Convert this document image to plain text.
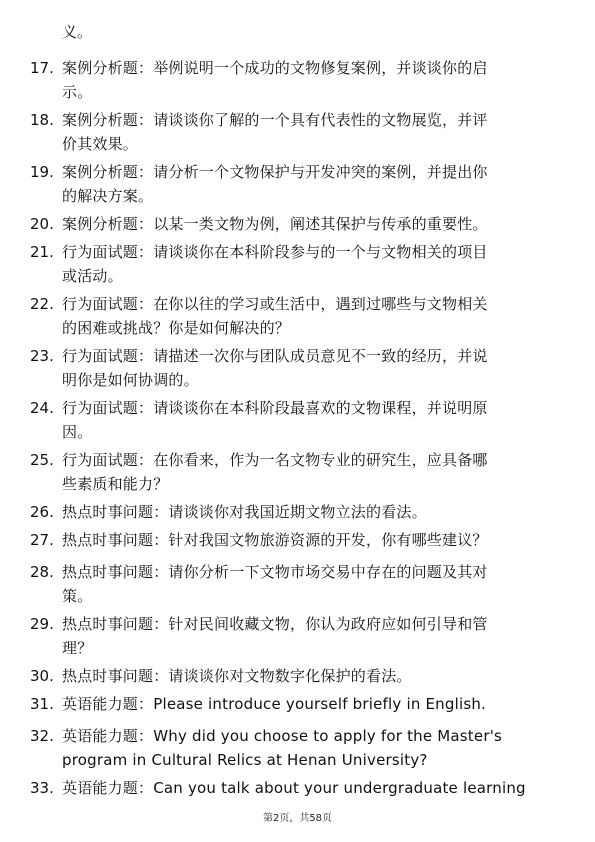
义。
17. 案例分析题：举例说明一个成功的文物修复案例，并谈谈你的启
示。
18. 案例分析题：请谈谈你了解的一个具有代表性的文物展览，并评
价其效果。
19. 案例分析题：请分析一个文物保护与开发冲突的案例，并提出你
的解决方案。
20. 案例分析题：以某一类文物为例，阐述其保护与传承的重要性。
21. 行为面试题：请谈谈你在本科阶段参与的一个与文物相关的项目
或活动。
22. 行为面试题：在你以往的学习或生活中，遇到过哪些与文物相关
的困难或挑战？你是如何解决的？
23. 行为面试题：请描述一次你与团队成员意见不一致的经历，并说
明你是如何协调的。
24. 行为面试题：请谈谈你在本科阶段最喜欢的文物课程，并说明原
因。
25. 行为面试题：在你看来，作为一名文物专业的研究生，应具备哪
些素质和能力？
26. 热点时事问题：请谈谈你对我国近期文物立法的看法。
27. 热点时事问题：针对我国文物旅游资源的开发，你有哪些建议？
28. 热点时事问题：请你分析一下文物市场交易中存在的问题及其对
策。
29. 热点时事问题：针对民间收藏文物，你认为政府应如何引导和管
理？
30. 热点时事问题：请谈谈你对文物数字化保护的看法。
31. 英语能力题：Please introduce yourself briefly in English.
32. 英语能力题：Why did you choose to apply for the Master's
program in Cultural Relics at Henan University?
33. 英语能力题：Can you talk about your undergraduate learning
第2页，共58页
